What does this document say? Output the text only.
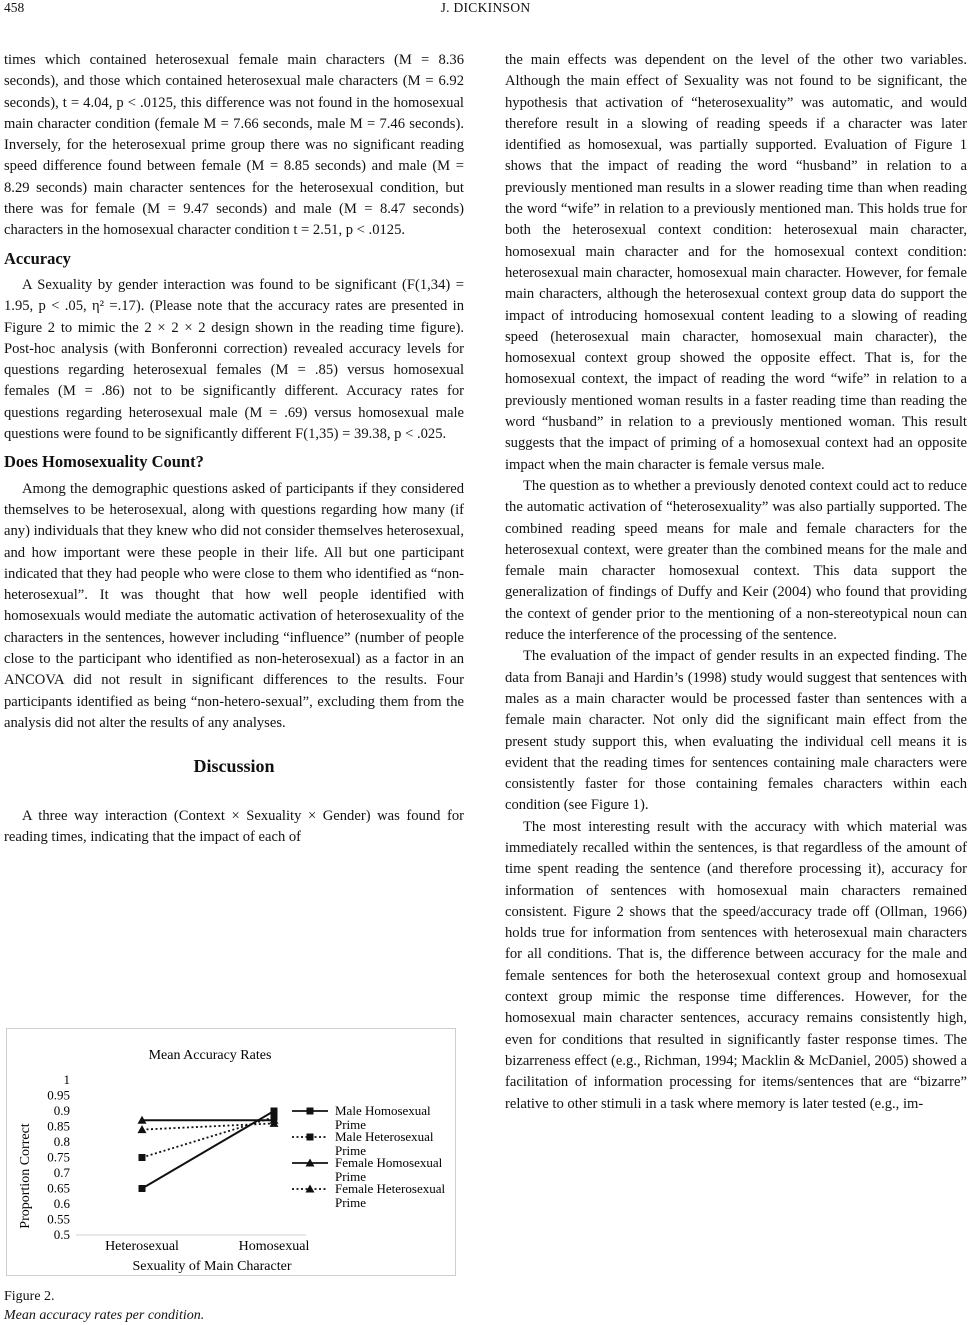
458	J. DICKINSON

times which contained heterosexual female main characters (M = 8.36 seconds), and those which contained heterosexual male characters (M = 6.92 seconds), t = 4.04, p < .0125, this difference was not found in the homosexual main character condition (female M = 7.66 seconds, male M = 7.46 seconds). Inversely, for the heterosexual prime group there was no significant reading speed difference found between female (M = 8.85 seconds) and male (M = 8.29 seconds) main character sentences for the heterosexual condition, but there was for female (M = 9.47 seconds) and male (M = 8.47 seconds) characters in the homosexual character condition t = 2.51, p < .0125.

Accuracy

A Sexuality by gender interaction was found to be significant (F(1,34) = 1.95, p < .05, η² =.17). (Please note that the accuracy rates are presented in Figure 2 to mimic the 2 × 2 × 2 design shown in the reading time figure). Post-hoc analysis (with Bonferonni correction) revealed accuracy levels for questions regarding heterosexual females (M = .85) versus homosexual females (M = .86) not to be significantly different. Accuracy rates for questions regarding heterosexual male (M = .69) versus homosexual male questions were found to be significantly different F(1,35) = 39.38, p < .025.

Does Homosexuality Count?

Among the demographic questions asked of participants if they considered themselves to be heterosexual, along with questions regarding how many (if any) individuals that they knew who did not consider themselves heterosexual, and how important were these people in their life. All but one participant indicated that they had people who were close to them who identified as “non-heterosexual”. It was thought that how well people identified with homosexuals would mediate the automatic activation of heterosexuality of the characters in the sentences, however including “influence” (number of people close to the participant who identified as non-heterosexual) as a factor in an ANCOVA did not result in significant differences to the results. Four participants identified as being “non-hetero-sexual”, excluding them from the analysis did not alter the results of any analyses.

Discussion

A three way interaction (Context × Sexuality × Gender) was found for reading times, indicating that the impact of each of

the main effects was dependent on the level of the other two variables. Although the main effect of Sexuality was not found to be significant, the hypothesis that activation of “heterosexuality” was automatic, and would therefore result in a slowing of reading speeds if a character was later identified as homosexual, was partially supported. Evaluation of Figure 1 shows that the impact of reading the word “husband” in relation to a previously mentioned man results in a slower reading time than when reading the word “wife” in relation to a previously mentioned man. This holds true for both the heterosexual context condition: heterosexual main character, homosexual main character and for the homosexual context condition: heterosexual main character, homosexual main character. However, for female main characters, although the heterosexual context group data do support the impact of introducing homosexual content leading to a slowing of reading speed (heterosexual main character, homosexual main character), the homosexual context group showed the opposite effect. That is, for the homosexual context, the impact of reading the word “wife” in relation to a previously mentioned woman results in a faster reading time than reading the word “husband” in relation to a previously mentioned woman. This result suggests that the impact of priming of a homosexual context had an opposite impact when the main character is female versus male.

The question as to whether a previously denoted context could act to reduce the automatic activation of “heterosexuality” was also partially supported. The combined reading speed means for male and female characters for the heterosexual context, were greater than the combined means for the male and female main character homosexual context. This data support the generalization of findings of Duffy and Keir (2004) who found that providing the context of gender prior to the mentioning of a non-stereotypical noun can reduce the interference of the processing of the sentence.

The evaluation of the impact of gender results in an expected finding. The data from Banaji and Hardin’s (1998) study would suggest that sentences with males as a main character would be processed faster than sentences with a female main character. Not only did the significant main effect from the present study support this, when evaluating the individual cell means it is evident that the reading times for sentences containing male characters were consistently faster for those containing females characters within each condition (see Figure 1).

The most interesting result with the accuracy with which material was immediately recalled within the sentences, is that regardless of the amount of time spent reading the sentence (and therefore processing it), accuracy for information of sentences with homosexual main characters remained consistent. Figure 2 shows that the speed/accuracy trade off (Ollman, 1966) holds true for information from sentences with heterosexual main characters for all conditions. That is, the difference between accuracy for the male and female sentences for both the heterosexual context group and homosexual context group mimic the response time differences. However, for the homosexual main character sentences, accuracy remains consistently high, even for conditions that resulted in significantly faster response times. The bizarreness effect (e.g., Richman, 1994; Macklin & McDaniel, 2005) showed a facilitation of information processing for items/sentences that are “bizarre” relative to other stimuli in a task where memory is later tested (e.g., im-

Mean Accuracy Rates
Proportion Correct
Sexuality of Main Character
0.5
0.55
0.6
0.65
0.7
0.75
0.8
0.85
0.9
0.95
1
Heterosexual	Homosexual
Male Homosexual Prime
Male Heterosexual Prime
Female Homosexual Prime
Female Heterosexual Prime
Figure 2.
Mean accuracy rates per condition.
